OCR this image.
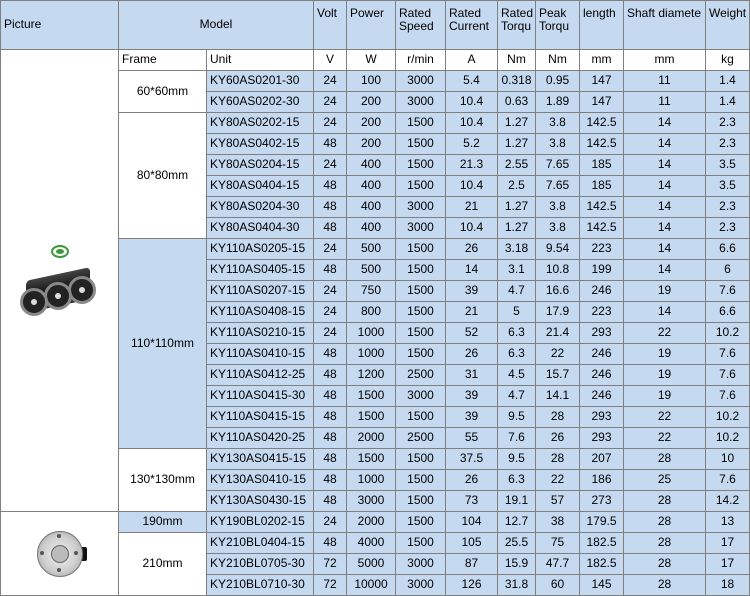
Picture	Model		Volt	Power	Rated Speed	Rated Current	Rated Torqu	Peak Torqu	length	Shaft diamete	Weight

	Frame	Unit	V	W	r/min	A	Nm	Nm	mm	mm	kg
	60*60mm	KY60AS0201-30	24	100	3000	5.4	0.318	0.95	147	11	1.4
		KY60AS0202-30	24	200	3000	10.4	0.63	1.89	147	11	1.4
	80*80mm	KY80AS0202-15	24	200	1500	10.4	1.27	3.8	142.5	14	2.3
		KY80AS0402-15	48	200	1500	5.2	1.27	3.8	142.5	14	2.3
		KY80AS0204-15	24	400	1500	21.3	2.55	7.65	185	14	3.5
		KY80AS0404-15	48	400	1500	10.4	2.5	7.65	185	14	3.5
		KY80AS0204-30	48	400	3000	21	1.27	3.8	142.5	14	2.3
		KY80AS0404-30	48	400	3000	10.4	1.27	3.8	142.5	14	2.3
	110*110mm	KY110AS0205-15	24	500	1500	26	3.18	9.54	223	14	6.6
		KY110AS0405-15	48	500	1500	14	3.1	10.8	199	14	6
		KY110AS0207-15	24	750	1500	39	4.7	16.6	246	19	7.6
		KY110AS0408-15	24	800	1500	21	5	17.9	223	14	6.6
		KY110AS0210-15	24	1000	1500	52	6.3	21.4	293	22	10.2
		KY110AS0410-15	48	1000	1500	26	6.3	22	246	19	7.6
		KY110AS0412-25	48	1200	2500	31	4.5	15.7	246	19	7.6
		KY110AS0415-30	48	1500	3000	39	4.7	14.1	246	19	7.6
		KY110AS0415-15	48	1500	1500	39	9.5	28	293	22	10.2
		KY110AS0420-25	48	2000	2500	55	7.6	26	293	22	10.2
	130*130mm	KY130AS0415-15	48	1500	1500	37.5	9.5	28	207	28	10
		KY130AS0410-15	48	1000	1500	26	6.3	22	186	25	7.6
		KY130AS0430-15	48	3000	1500	73	19.1	57	273	28	14.2

	190mm	KY190BL0202-15	24	2000	1500	104	12.7	38	179.5	28	13
	210mm	KY210BL0404-15	48	4000	1500	105	25.5	75	182.5	28	17
		KY210BL0705-30	72	5000	3000	87	15.9	47.7	182.5	28	17
		KY210BL0710-30	72	10000	3000	126	31.8	60	145	28	18
